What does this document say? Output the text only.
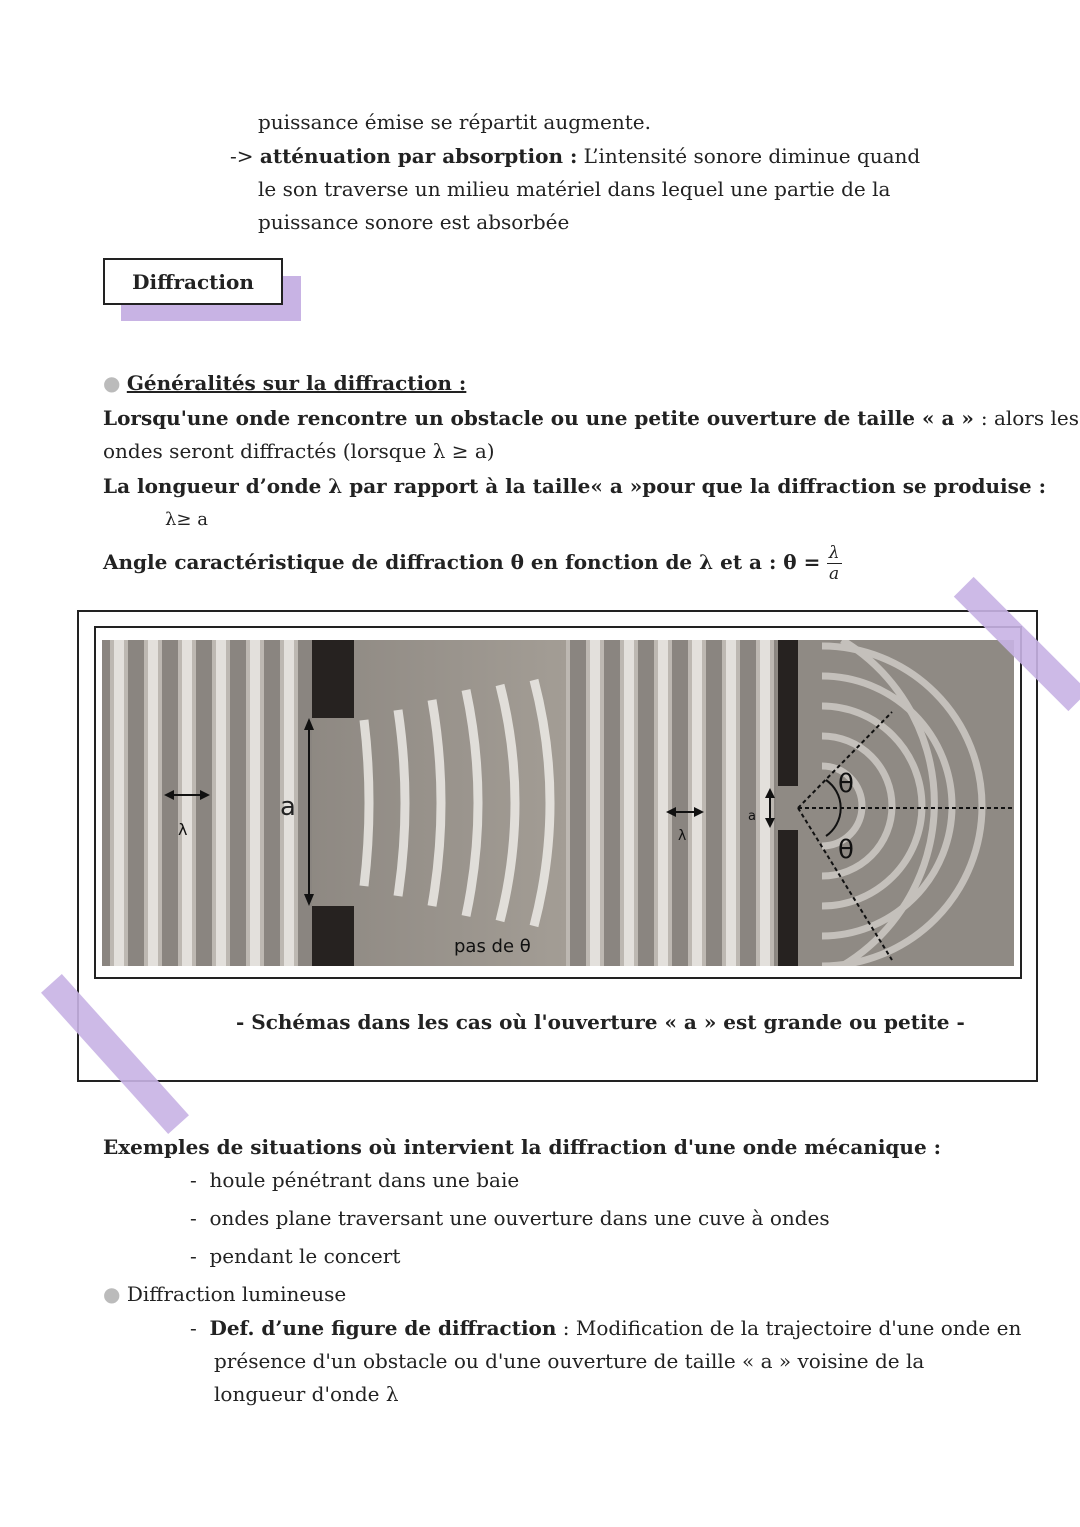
puissance émise se répartit augmente.
-> atténuation par absorption : L’intensité sonore diminue quand
le son traverse un milieu matériel dans lequel une partie de la
puissance sonore est absorbée
Diffraction
● Généralités sur la diffraction :
Lorsqu'une onde rencontre un obstacle ou une petite ouverture de taille « a » : alors les
ondes seront diffractés (lorsque λ ≥ a)
La longueur d’onde λ par rapport à la taille« a »pour que la diffraction se produise :
λ≥ a
Angle caractéristique de diffraction θ en fonction de λ et a : $\theta = \frac{\lambda}{a}$
λ
a
pas de θ
λ
a
θ
θ
- Schémas dans les cas où l'ouverture « a » est grande ou petite -
Exemples de situations où intervient la diffraction d'une onde mécanique :
- houle pénétrant dans une baie
- ondes plane traversant une ouverture dans une cuve à ondes
- pendant le concert
● Diffraction lumineuse
- Def. d’une figure de diffraction : Modification de la trajectoire d'une onde en
présence d'un obstacle ou d'une ouverture de taille « a » voisine de la
longueur d'onde λ
